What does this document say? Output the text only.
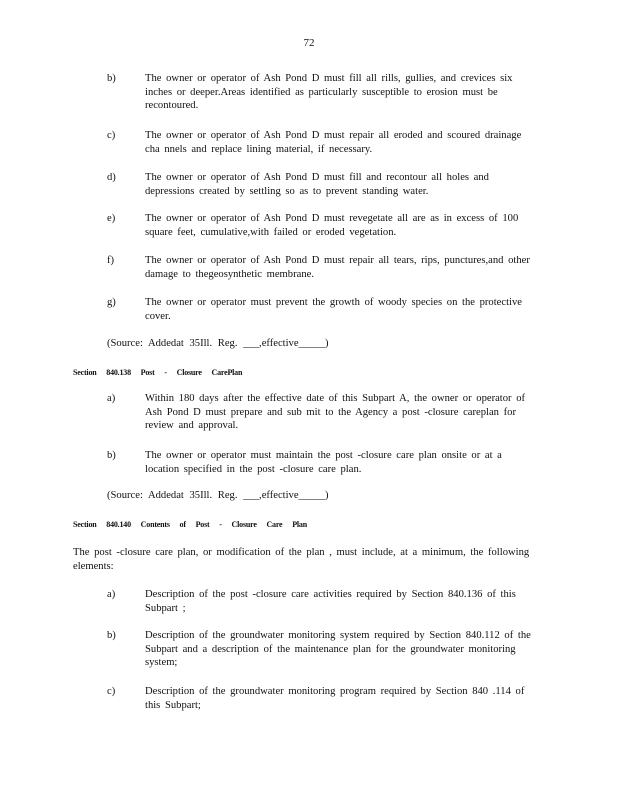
72
b)	The owner or operator of Ash Pond D must fill all rills, gullies, and crevices six inches or deeper.Areas identified as particularly susceptible to erosion must be recontoured.
c)	The owner or operator of Ash Pond D must repair all eroded and scoured drainage cha nnels and replace lining material, if necessary.
d)	The owner or operator of Ash Pond D must fill and recontour all holes and depressions created by settling so as to prevent standing water.
e)	The owner or operator of Ash Pond D must revegetate all are as in excess of 100 square feet, cumulative,with failed or eroded vegetation.
f)	The owner or operator of Ash Pond D must repair all tears, rips, punctures,and other damage to thegeosynthetic membrane.
g)	The owner or operator must prevent the growth of woody species on the protective cover.
(Source: Addedat 35Ill. Reg. ___,effective_____)
Section 840.138 Post - Closure CarePlan
a)	Within 180 days after the effective date of this Subpart A, the owner or operator of Ash Pond D must prepare and sub mit to the Agency a post -closure careplan for review and approval.
b)	The owner or operator must maintain the post -closure care plan onsite or at a location specified in the post -closure care plan.
(Source: Addedat 35Ill. Reg. ___,effective_____)
Section 840.140 Contents of Post - Closure Care Plan
The post -closure care plan, or modification of the plan , must include, at a minimum, the following elements:
a)	Description of the post -closure care activities required by Section 840.136 of this Subpart ;
b)	Description of the groundwater monitoring system required by Section 840.112 of the Subpart and a description of the maintenance plan for the groundwater monitoring system;
c)	Description of the groundwater monitoring program required by Section 840 .114 of this Subpart;
